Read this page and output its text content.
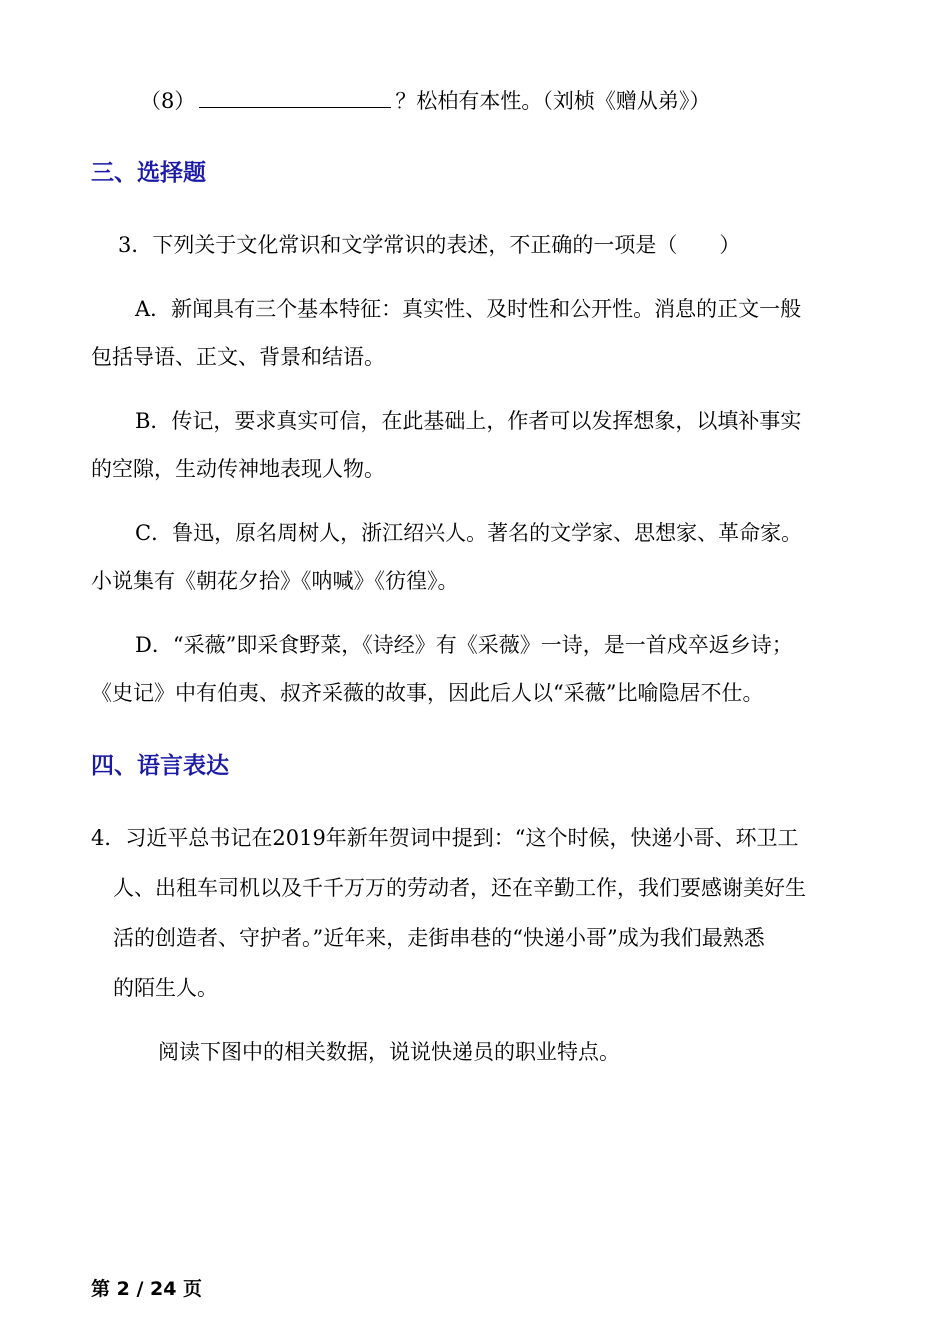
（8）	？松柏有本性。（刘桢《赠从弟》）
三、选择题
3．下列关于文化常识和文学常识的表述，不正确的一项是（　　）
A．新闻具有三个基本特征：真实性、及时性和公开性。消息的正文一般
包括导语、正文、背景和结语。
B．传记，要求真实可信，在此基础上，作者可以发挥想象，以填补事实
的空隙，生动传神地表现人物。
C．鲁迅，原名周树人，浙江绍兴人。著名的文学家、思想家、革命家。
小说集有《朝花夕拾》《呐喊》《彷徨》。
D．“采薇”即采食野菜，《诗经》有《采薇》一诗，是一首戍卒返乡诗；
《史记》中有伯夷、叔齐采薇的故事，因此后人以“采薇”比喻隐居不仕。
四、语言表达
4．习近平总书记在2019年新年贺词中提到：“这个时候，快递小哥、环卫工
人、出租车司机以及千千万万的劳动者，还在辛勤工作，我们要感谢美好生
活的创造者、守护者。”近年来，走街串巷的“快递小哥”成为我们最熟悉
的陌生人。
阅读下图中的相关数据，说说快递员的职业特点。
第 2 / 24 页
